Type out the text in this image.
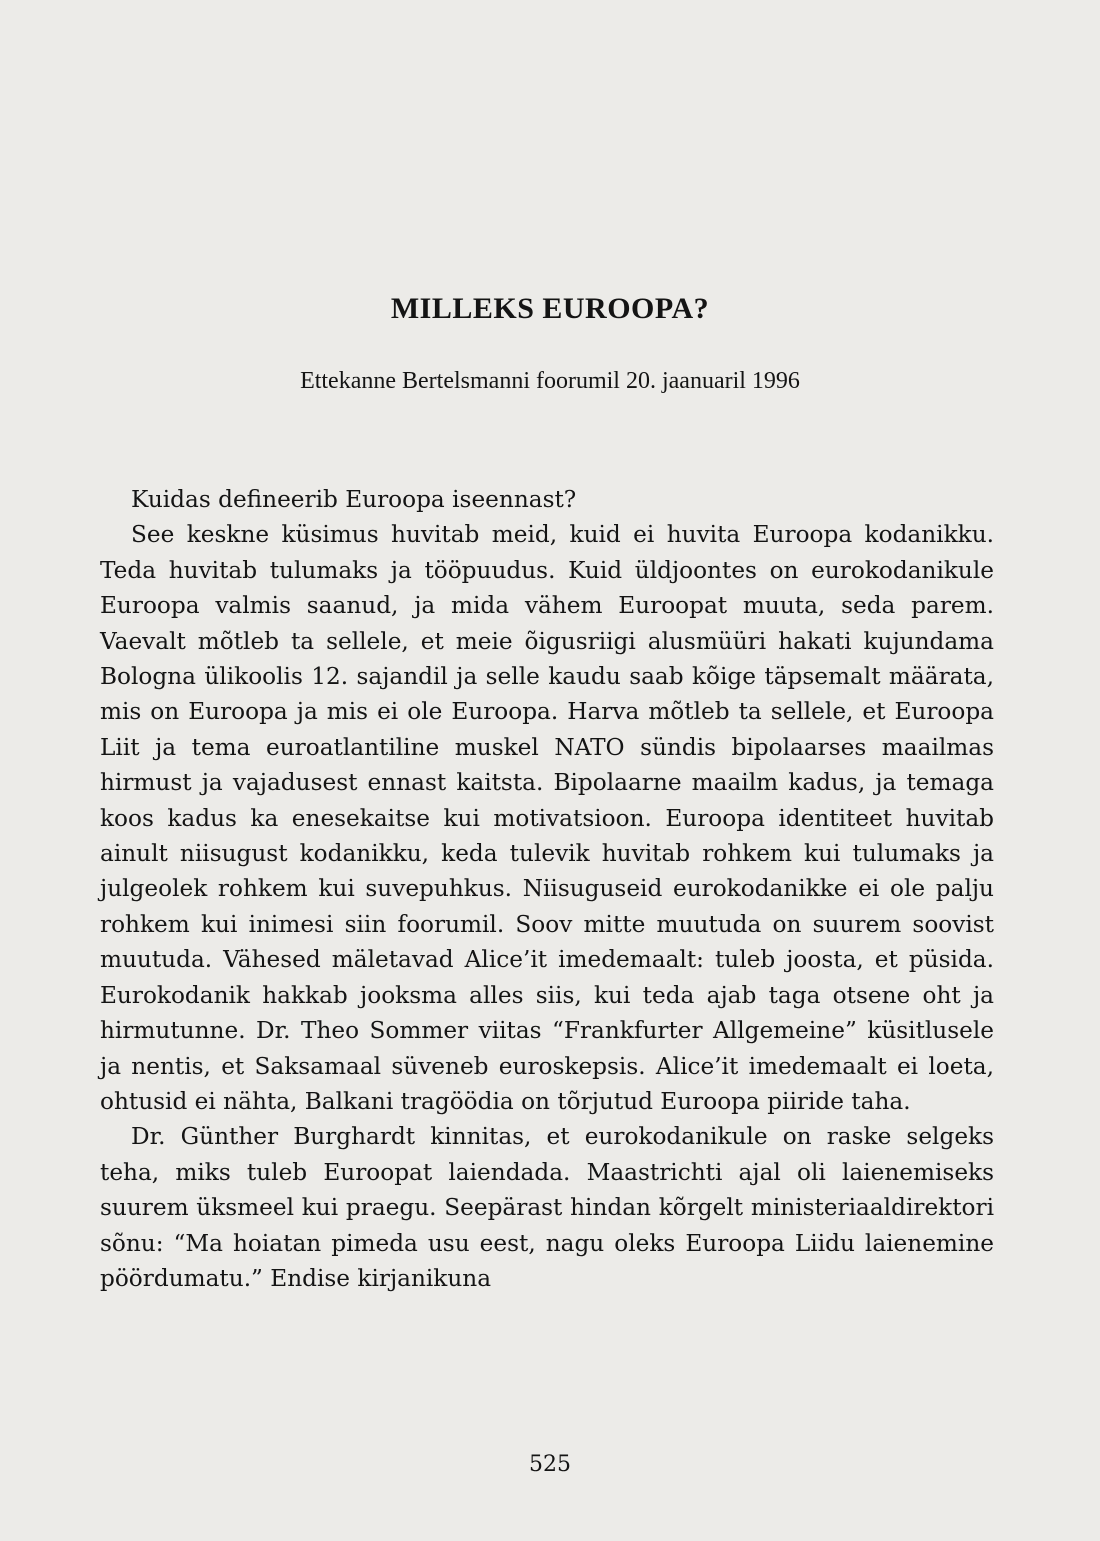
MILLEKS EUROOPA?
Ettekanne Bertelsmanni foorumil 20. jaanuaril 1996

Kuidas defineerib Euroopa iseennast?

See keskne küsimus huvitab meid, kuid ei huvita Euroopa kodanikku. Teda huvitab tulumaks ja tööpuudus. Kuid üldjoontes on eurokodanikule Euroopa valmis saanud, ja mida vähem Euroopat muuta, seda parem. Vaevalt mõtleb ta sellele, et meie õigusriigi alusmüüri hakati kujundama Bologna ülikoolis 12. sajandil ja selle kaudu saab kõige täpsemalt määrata, mis on Euroopa ja mis ei ole Euroopa. Harva mõtleb ta sellele, et Euroopa Liit ja tema euroatlantiline muskel NATO sündis bipolaarses maailmas hirmust ja vajadusest ennast kaitsta. Bipolaarne maailm kadus, ja temaga koos kadus ka enesekaitse kui motivatsioon. Euroopa identiteet huvitab ainult niisugust kodanikku, keda tulevik huvitab rohkem kui tulumaks ja julgeolek rohkem kui suvepuhkus. Niisuguseid eurokodanikke ei ole palju rohkem kui inimesi siin foorumil. Soov mitte muutuda on suurem soovist muutuda. Vähesed mäletavad Alice’it imedemaalt: tuleb joosta, et püsida. Eurokodanik hakkab jooksma alles siis, kui teda ajab taga otsene oht ja hirmutunne. Dr. Theo Sommer viitas “Frankfurter Allgemeine” küsitlusele ja nentis, et Saksamaal süveneb euroskepsis. Alice’it imedemaalt ei loeta, ohtusid ei nähta, Balkani tragöödia on tõrjutud Euroopa piiride taha.

Dr. Günther Burghardt kinnitas, et eurokodanikule on raske selgeks teha, miks tuleb Euroopat laiendada. Maastrichti ajal oli laienemiseks suurem üksmeel kui praegu. Seepärast hindan kõrgelt ministeriaaldirektori sõnu: “Ma hoiatan pimeda usu eest, nagu oleks Euroopa Liidu laienemine pöördumatu.” Endise kirjanikuna

525
